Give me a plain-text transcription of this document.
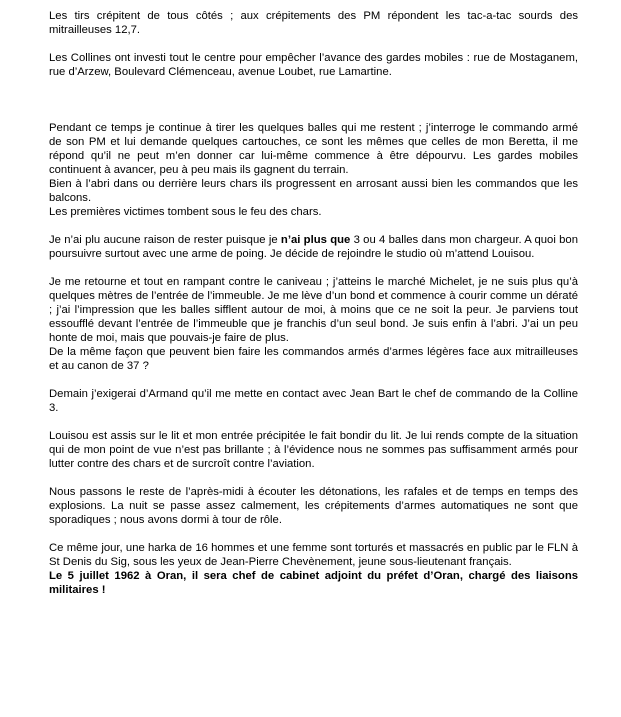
Les tirs crépitent de tous côtés ; aux crépitements des PM répondent les tac-a-tac sourds des mitrailleuses 12,7.

Les Collines ont investi tout le centre pour empêcher l’avance des gardes mobiles : rue de Mostaganem, rue d’Arzew, Boulevard Clémenceau, avenue Loubet, rue Lamartine.

Pendant ce temps je continue à tirer les quelques balles qui me restent ; j’interroge le commando armé de son PM et lui demande quelques cartouches, ce sont les mêmes que celles de mon Beretta, il me répond qu’il ne peut m’en donner car lui-même commence à être dépourvu. Les gardes mobiles continuent à avancer, peu à peu mais ils gagnent du terrain.

Bien à l’abri dans ou derrière leurs chars ils progressent en arrosant aussi bien les commandos que les balcons.

Les premières victimes tombent sous le feu des chars.

Je n’ai plu aucune raison de rester puisque je n’ai plus que 3 ou 4 balles dans mon chargeur. A quoi bon poursuivre surtout avec une arme de poing. Je décide de rejoindre le studio où m’attend Louisou.

Je me retourne et tout en rampant contre le caniveau ; j’atteins le marché Michelet, je ne suis plus qu’à quelques mètres de l’entrée de l’immeuble. Je me lève d’un bond et commence à courir comme un dératé ; j’ai l’impression que les balles sifflent autour de moi, à moins que ce ne soit la peur. Je parviens tout essoufflé devant l’entrée de l’immeuble que je franchis d’un seul bond. Je suis enfin à l’abri. J’ai un peu honte de moi, mais que pouvais-je faire de plus.

De la même façon que peuvent bien faire les commandos armés d’armes légères face aux mitrailleuses et au canon de 37 ?

Demain j’exigerai d’Armand qu’il me mette en contact avec Jean Bart le chef de commando de la Colline 3.

Louisou est assis sur le lit et mon entrée précipitée le fait bondir du lit. Je lui rends compte de la situation qui de mon point de vue n’est pas brillante ; à l’évidence nous ne sommes pas suffisamment armés pour lutter contre des chars et de surcroît contre l’aviation.

Nous passons le reste de l’après-midi à écouter les détonations, les rafales et de temps en temps des explosions. La nuit se passe assez calmement, les crépitements d’armes automatiques ne sont que sporadiques ; nous avons dormi à tour de rôle.

Ce même jour, une harka de 16 hommes et une femme sont torturés et massacrés en public par le FLN à St Denis du Sig, sous les yeux de Jean-Pierre Chevènement, jeune sous-lieutenant français.

Le 5 juillet 1962 à Oran, il sera chef de cabinet adjoint du préfet d’Oran, chargé des liaisons militaires !
